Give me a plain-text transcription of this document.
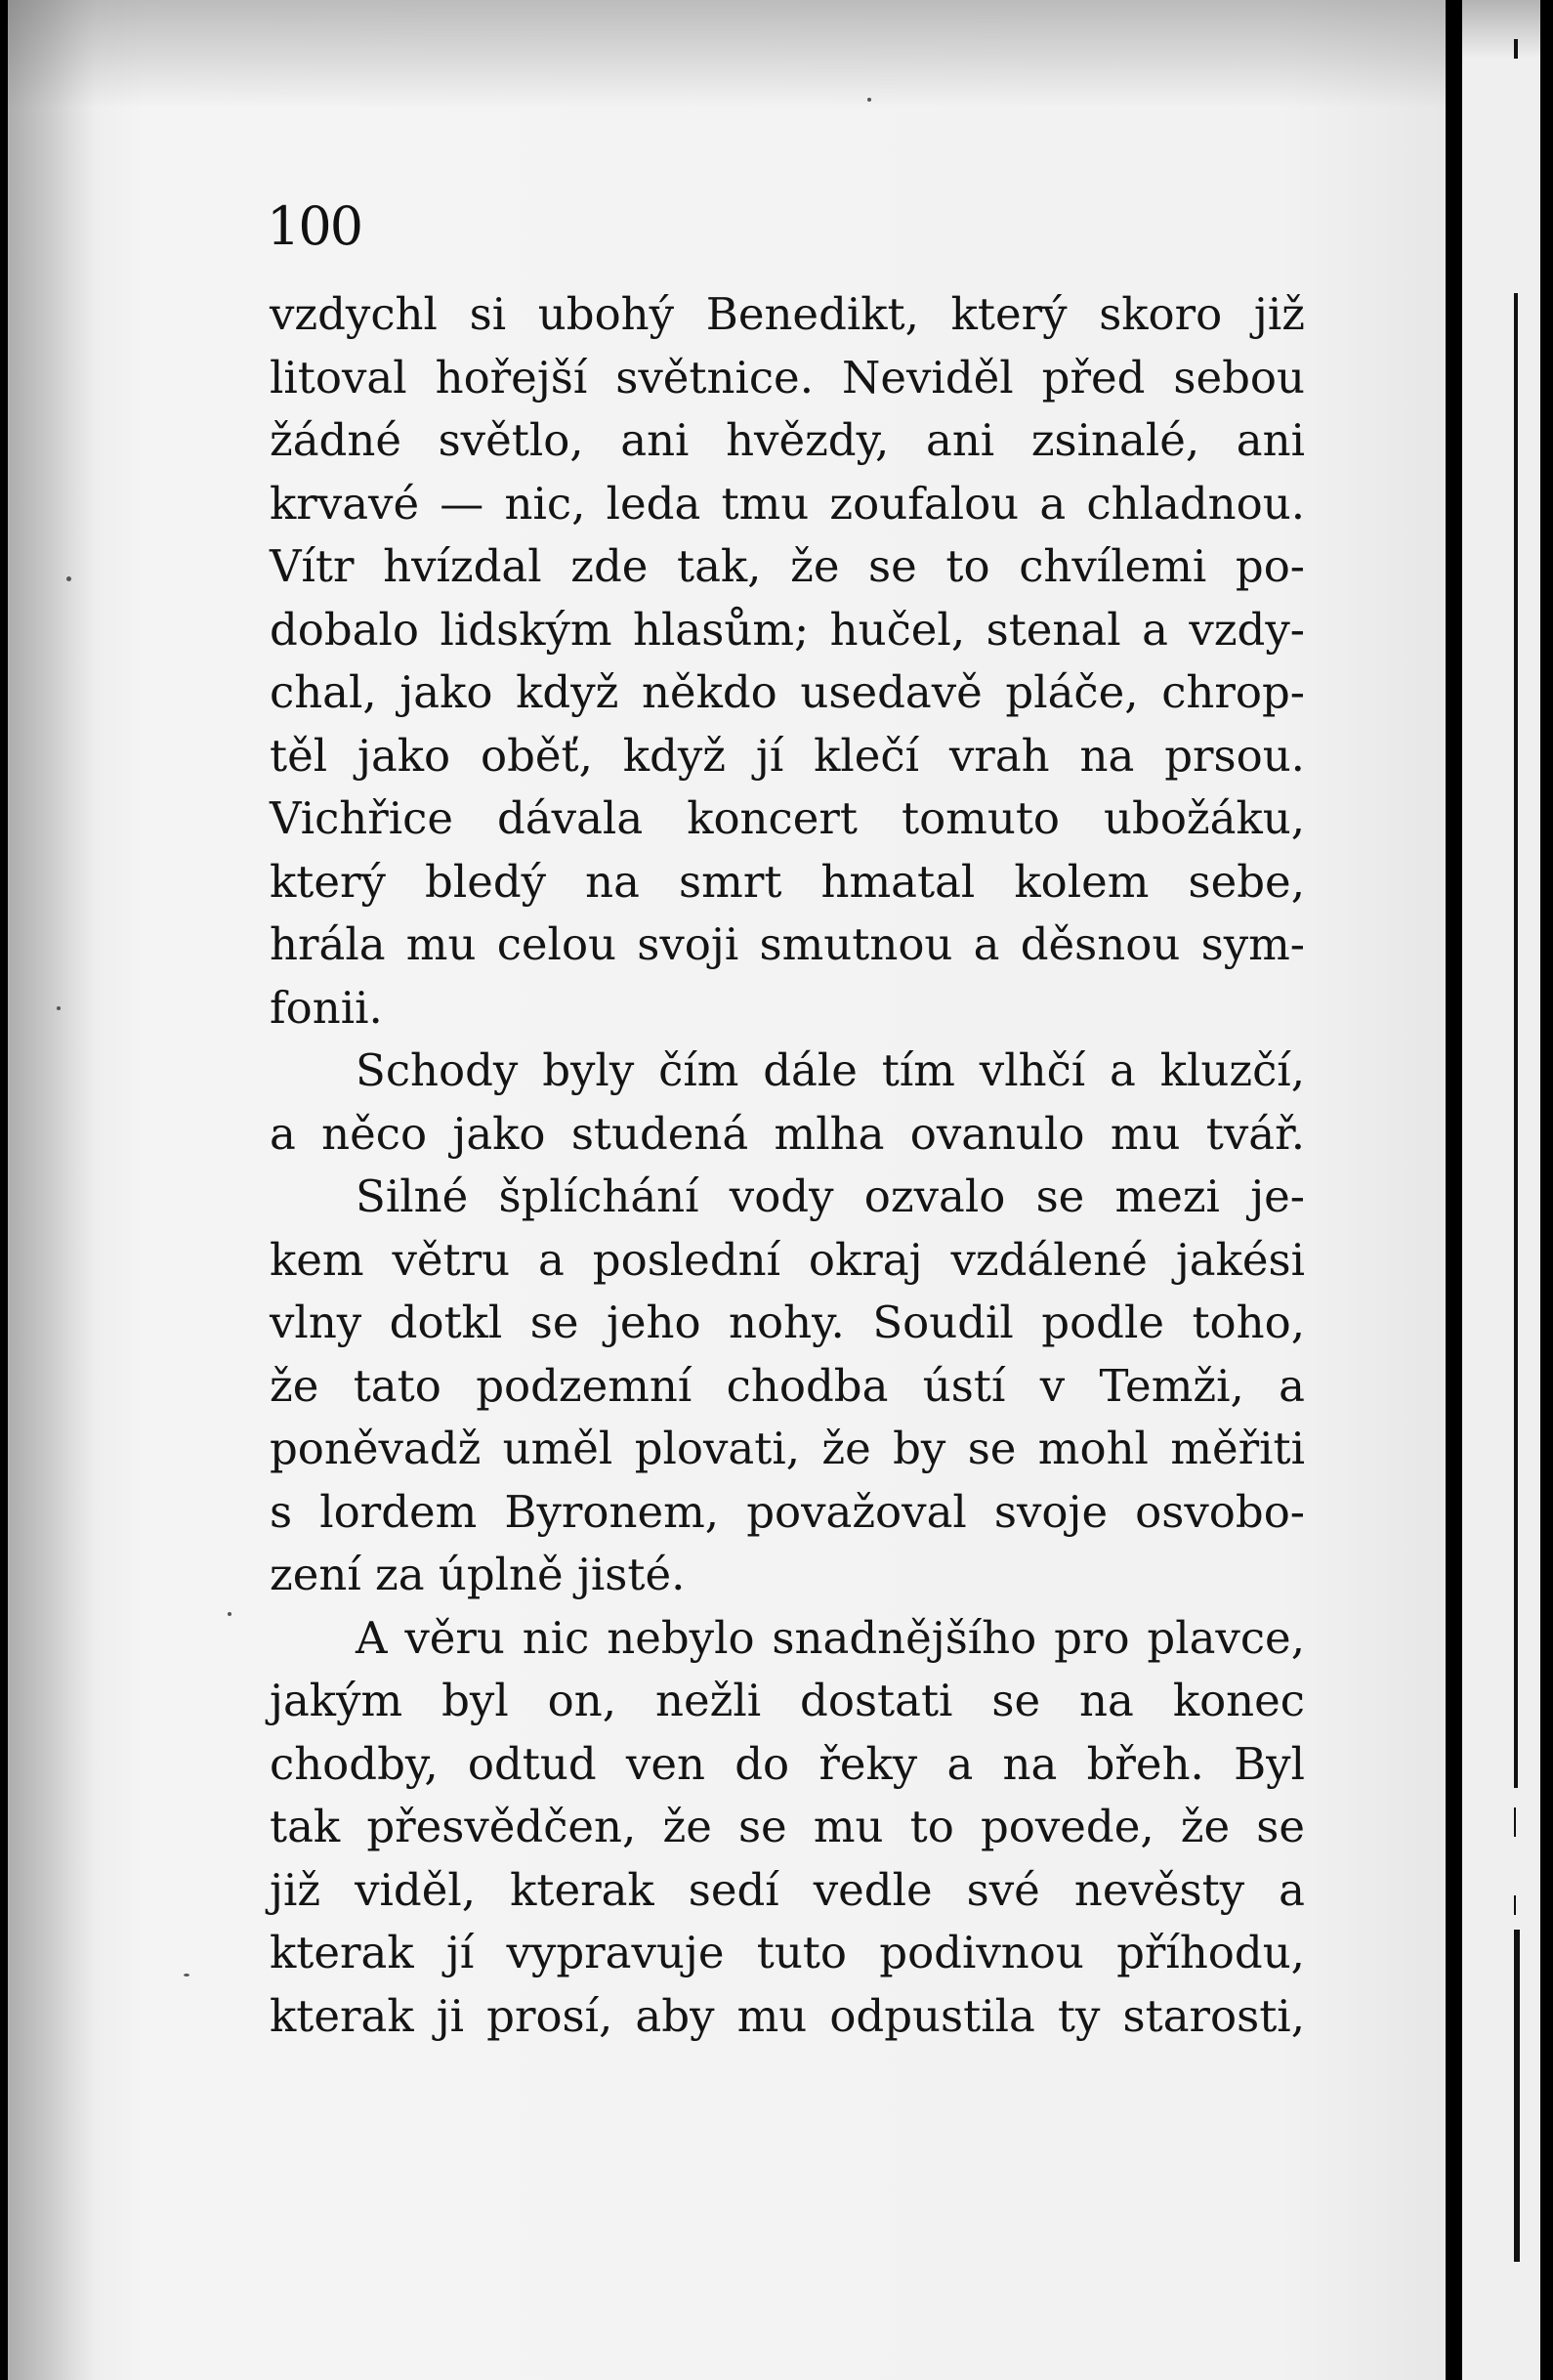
100
vzdychl si ubohý Benedikt, který skoro již
litoval hořejší světnice. Neviděl před sebou
žádné světlo, ani hvězdy, ani zsinalé, ani
krvavé — nic, leda tmu zoufalou a chladnou.
Vítr hvízdal zde tak, že se to chvílemi po-
dobalo lidským hlasům; hučel, stenal a vzdy-
chal, jako když někdo usedavě pláče, chrop-
těl jako oběť, když jí klečí vrah na prsou.
Vichřice dávala koncert tomuto ubožáku,
který bledý na smrt hmatal kolem sebe,
hrála mu celou svoji smutnou a děsnou sym-
fonii.
Schody byly čím dále tím vlhčí a kluzčí,
a něco jako studená mlha ovanulo mu tvář.
Silné šplíchání vody ozvalo se mezi je-
kem větru a poslední okraj vzdálené jakési
vlny dotkl se jeho nohy. Soudil podle toho,
že tato podzemní chodba ústí v Temži, a
poněvadž uměl plovati, že by se mohl měřiti
s lordem Byronem, považoval svoje osvobo-
zení za úplně jisté.
A věru nic nebylo snadnějšího pro plavce,
jakým byl on, nežli dostati se na konec
chodby, odtud ven do řeky a na břeh. Byl
tak přesvědčen, že se mu to povede, že se
již viděl, kterak sedí vedle své nevěsty a
kterak jí vypravuje tuto podivnou příhodu,
kterak ji prosí, aby mu odpustila ty starosti,
